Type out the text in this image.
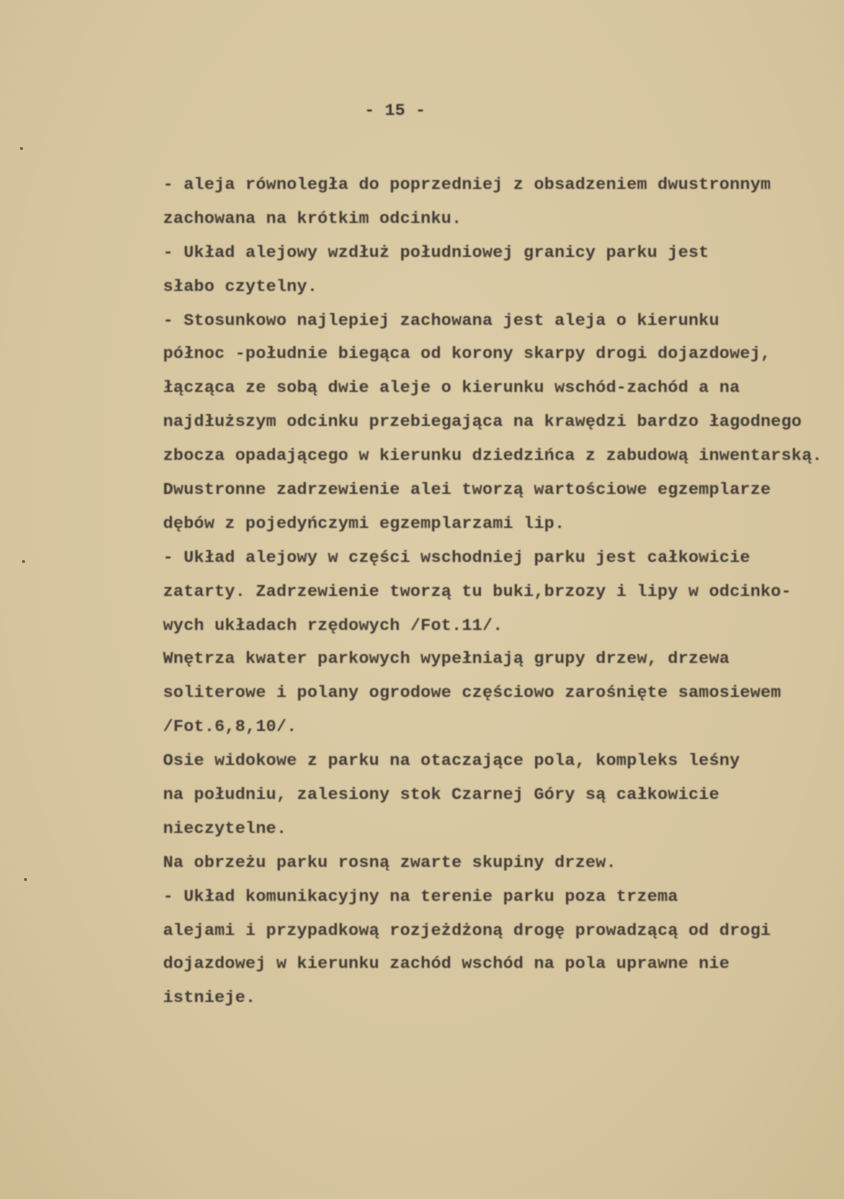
- 15 -
- aleja równoległa do poprzedniej z obsadzeniem dwustronnym
zachowana na krótkim odcinku.
- Układ alejowy wzdłuż południowej granicy parku jest
słabo czytelny.
- Stosunkowo najlepiej zachowana jest aleja o kierunku
północ -południe biegąca od korony skarpy drogi dojazdowej,
łącząca ze sobą dwie aleje o kierunku wschód-zachód a na
najdłuższym odcinku przebiegająca na krawędzi bardzo łagodnego
zbocza opadającego w kierunku dziedzińca z zabudową inwentarską.
Dwustronne zadrzewienie alei tworzą wartościowe egzemplarze
dębów z pojedyńczymi egzemplarzami lip.
- Układ alejowy w części wschodniej parku jest całkowicie
zatarty. Zadrzewienie tworzą tu buki,brzozy i lipy w odcinko-
wych układach rzędowych /Fot.11/.
Wnętrza kwater parkowych wypełniają grupy drzew, drzewa
soliterowe i polany ogrodowe częściowo zarośnięte samosiewem
/Fot.6,8,10/.
Osie widokowe z parku na otaczające pola, kompleks leśny
na południu, zalesiony stok Czarnej Góry są całkowicie
nieczytelne.
Na obrzeżu parku rosną zwarte skupiny drzew.
- Układ komunikacyjny na terenie parku poza trzema
alejami i przypadkową rozjeżdżoną drogę prowadzącą od drogi
dojazdowej w kierunku zachód wschód na pola uprawne nie
istnieje.
